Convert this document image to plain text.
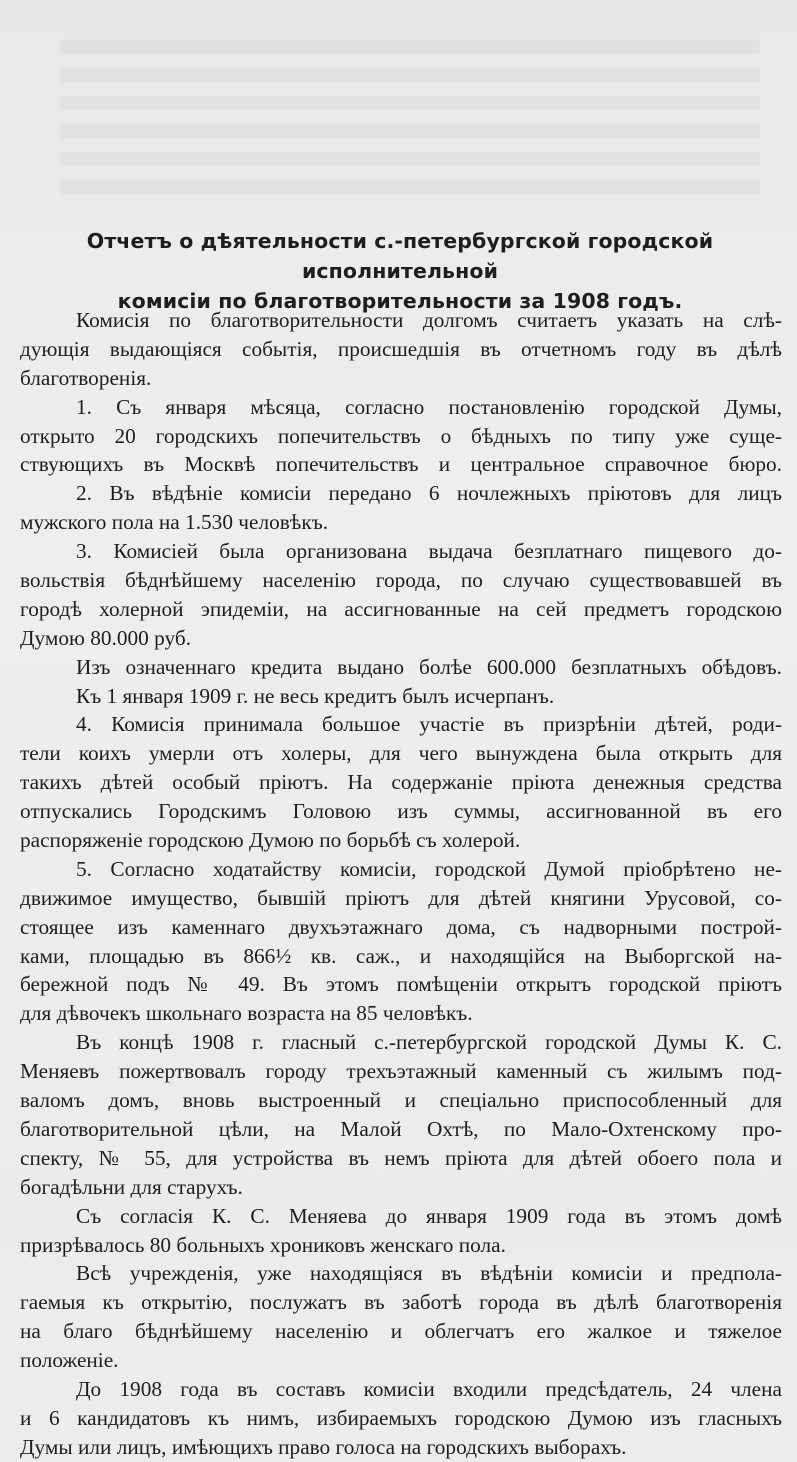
Отчетъ о дѣятельности с.-петербургской городской исполнительной
комисіи по благотворительности за 1908 годъ.
Комисія по благотворительности долгомъ считаетъ указать на слѣ-
дующія выдающіяся событія, происшедшія въ отчетномъ году въ дѣлѣ
благотворенія.
1. Съ января мѣсяца, согласно постановленію городской Думы,
открыто 20 городскихъ попечительствъ о бѣдныхъ по типу уже суще-
ствующихъ въ Москвѣ попечительствъ и центральное справочное бюро.
2. Въ вѣдѣніе комисіи передано 6 ночлежныхъ пріютовъ для лицъ
мужского пола на 1.530 человѣкъ.
3. Комисіей была организована выдача безплатнаго пищевого до-
вольствія бѣднѣйшему населенію города, по случаю существовавшей въ
городѣ холерной эпидеміи, на ассигнованные на сей предметъ городскою
Думою 80.000 руб.
Изъ означеннаго кредита выдано болѣе 600.000 безплатныхъ обѣдовъ.
Къ 1 января 1909 г. не весь кредитъ былъ исчерпанъ.
4. Комисія принимала большое участіе въ призрѣніи дѣтей, роди-
тели коихъ умерли отъ холеры, для чего вынуждена была открыть для
такихъ дѣтей особый пріютъ. На содержаніе пріюта денежныя средства
отпускались Городскимъ Головою изъ суммы, ассигнованной въ его
распоряженіе городскою Думою по борьбѣ съ холерой.
5. Согласно ходатайству комисіи, городской Думой пріобрѣтено не-
движимое имущество, бывшій пріютъ для дѣтей княгини Урусовой, со-
стоящее изъ каменнаго двухъэтажнаго дома, съ надворными построй-
ками, площадью въ 866½ кв. саж., и находящійся на Выборгской на-
бережной подъ № 49. Въ этомъ помѣщеніи открытъ городской пріютъ
для дѣвочекъ школьнаго возраста на 85 человѣкъ.
Въ концѣ 1908 г. гласный с.-петербургской городской Думы К. С.
Меняевъ пожертвовалъ городу трехъэтажный каменный съ жилымъ под-
валомъ домъ, вновь выстроенный и спеціально приспособленный для
благотворительной цѣли, на Малой Охтѣ, по Мало-Охтенскому про-
спекту, № 55, для устройства въ немъ пріюта для дѣтей обоего пола и
богадѣльни для старухъ.
Съ согласія К. С. Меняева до января 1909 года въ этомъ домѣ
призрѣвалось 80 больныхъ хрониковъ женскаго пола.
Всѣ учрежденія, уже находящіяся въ вѣдѣніи комисіи и предпола-
гаемыя къ открытію, послужатъ въ заботѣ города въ дѣлѣ благотворенія
на благо бѣднѣйшему населенію и облегчатъ его жалкое и тяжелое
положеніе.
До 1908 года въ составъ комисіи входили предсѣдатель, 24 члена
и 6 кандидатовъ къ нимъ, избираемыхъ городскою Думою изъ гласныхъ
Думы или лицъ, имѣющихъ право голоса на городскихъ выборахъ.
